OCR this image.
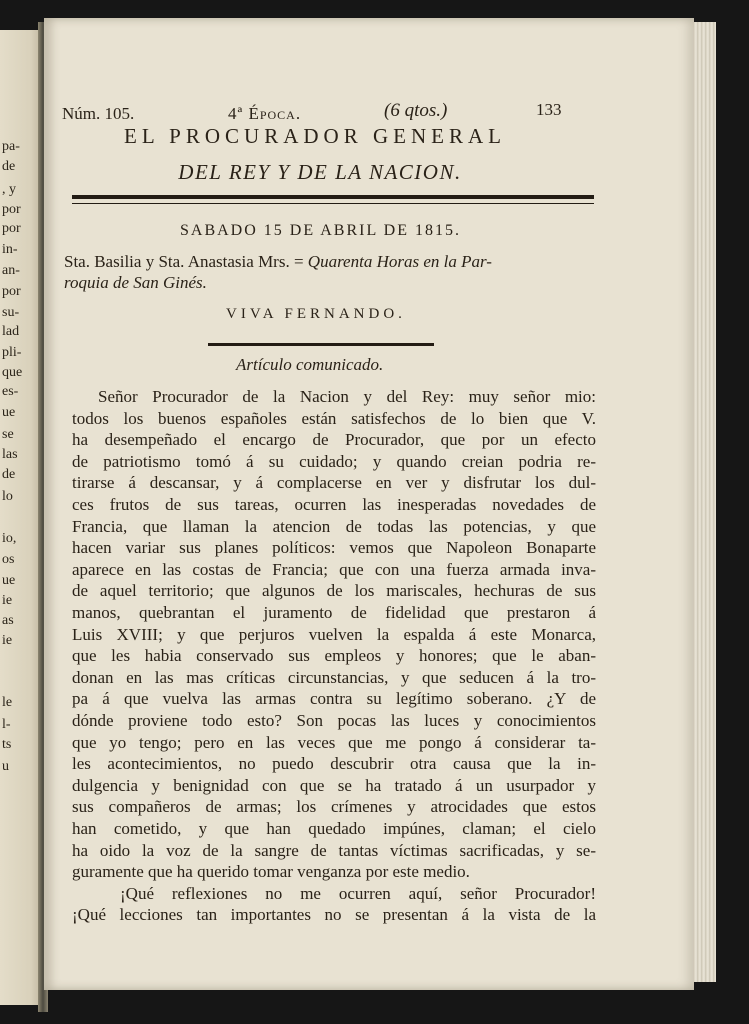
pa-
de
, y
por
por
in-
an-
por
su-
lad
pli-
que
es-
ue
se
las
de
lo
io,
os
ue
ie
as
ie
le
l-
ts
u
Núm. 105.	4ª Época.	(6 qtos.)	133
EL PROCURADOR GENERAL
DEL REY Y DE LA NACION.
SABADO 15 DE ABRIL DE 1815.
Sta. Basilia y Sta. Anastasia Mrs. = Quarenta Horas en la Par-
roquia de San Ginés.
VIVA FERNANDO.
Artículo comunicado.
Señor Procurador de la Nacion y del Rey: muy señor mio:
todos los buenos españoles están satisfechos de lo bien que V.
ha desempeñado el encargo de Procurador, que por un efecto
de patriotismo tomó á su cuidado; y quando creian podria re-
tirarse á descansar, y á complacerse en ver y disfrutar los dul-
ces frutos de sus tareas, ocurren las inesperadas novedades de
Francia, que llaman la atencion de todas las potencias, y que
hacen variar sus planes políticos: vemos que Napoleon Bonaparte
aparece en las costas de Francia; que con una fuerza armada inva-
de aquel territorio; que algunos de los mariscales, hechuras de sus
manos, quebrantan el juramento de fidelidad que prestaron á
Luis XVIII; y que perjuros vuelven la espalda á este Monarca,
que les habia conservado sus empleos y honores; que le aban-
donan en las mas críticas circunstancias, y que seducen á la tro-
pa á que vuelva las armas contra su legítimo soberano. ¿Y de
dónde proviene todo esto? Son pocas las luces y conocimientos
que yo tengo; pero en las veces que me pongo á considerar ta-
les acontecimientos, no puedo descubrir otra causa que la in-
dulgencia y benignidad con que se ha tratado á un usurpador y
sus compañeros de armas; los crímenes y atrocidades que estos
han cometido, y que han quedado impúnes, claman; el cielo
ha oido la voz de la sangre de tantas víctimas sacrificadas, y se-
guramente que ha querido tomar venganza por este medio.
¡Qué reflexiones no me ocurren aquí, señor Procurador!
¡Qué lecciones tan importantes no se presentan á la vista de la
